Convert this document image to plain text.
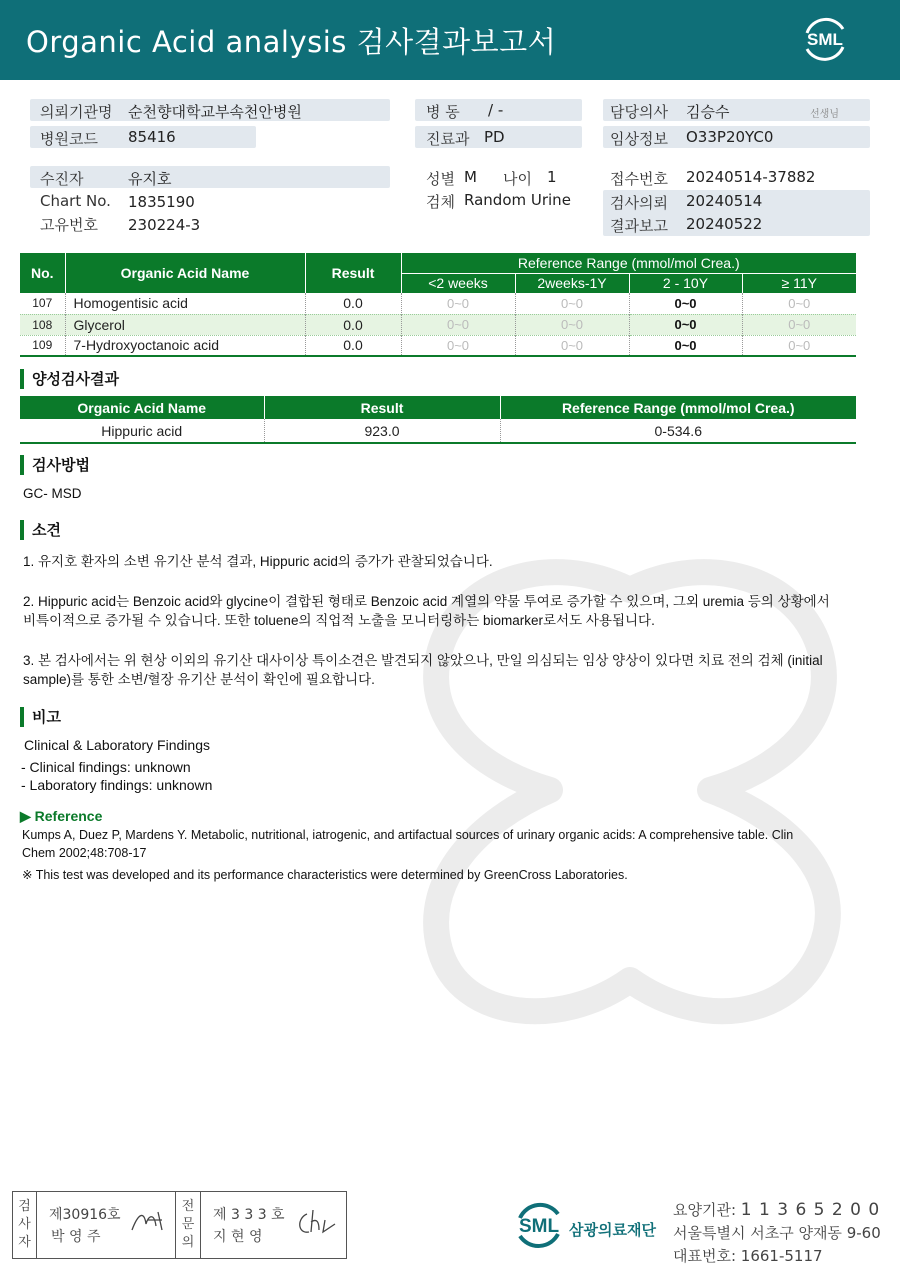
Organic Acid analysis 검사결과보고서	SML
의뢰기관명 순천향대학교부속천안병원
병원코드 85416
병 동 / -
진료과 PD
담당의사 김승수	선생님
임상정보 O33P20YC0
수진자	유지호
Chart No. 1835190
고유번호 230224-3
성별 M 나이 1
검체 Random Urine
접수번호 20240514-37882
검사의뢰 20240514
결과보고 20240522
No.	Organic Acid Name	Result	Reference Range (mmol/mol Crea.)			
			<2 weeks	2weeks-1Y	2 - 10Y	≥ 11Y
107	Homogentisic acid	0.0	0~0	0~0	0~0	0~0
108	Glycerol	0.0	0~0	0~0	0~0	0~0
109	7-Hydroxyoctanoic acid	0.0	0~0	0~0	0~0	0~0
양성검사결과
Organic Acid Name	Result	Reference Range (mmol/mol Crea.)
Hippuric acid	923.0	0-534.6
검사방법
GC- MSD
소견
1. 유지호 환자의 소변 유기산 분석 결과, Hippuric acid의 증가가 관찰되었습니다.
2. Hippuric acid는 Benzoic acid와 glycine이 결합된 형태로 Benzoic acid 계열의 약물 투여로 증가할 수 있으며, 그외 uremia 등의 상황에서 비특이적으로 증가될 수 있습니다. 또한 toluene의 직업적 노출을 모니터링하는 biomarker로서도 사용됩니다.
3. 본 검사에서는 위 현상 이외의 유기산 대사이상 특이소견은 발견되지 않았으나, 만일 의심되는 임상 양상이 있다면 치료 전의 검체 (initial sample)를 통한 소변/혈장 유기산 분석이 확인에 필요합니다.
비고
Clinical & Laboratory Findings
- Clinical findings: unknown
- Laboratory findings: unknown
▶ Reference
Kumps A, Duez P, Mardens Y. Metabolic, nutritional, iatrogenic, and artifactual sources of urinary organic acids: A comprehensive table. Clin Chem 2002;48:708-17
※ This test was developed and its performance characteristics were determined by GreenCross Laboratories.
검사자
제30916호
박 영 주
전문의
제 3 3 3 호
지 현 영	SML 삼광의료재단
요양기관: 1 1 3 6 5 2 0 0
서울특별시 서초구 양재동 9-60
대표번호: 1661-5117
